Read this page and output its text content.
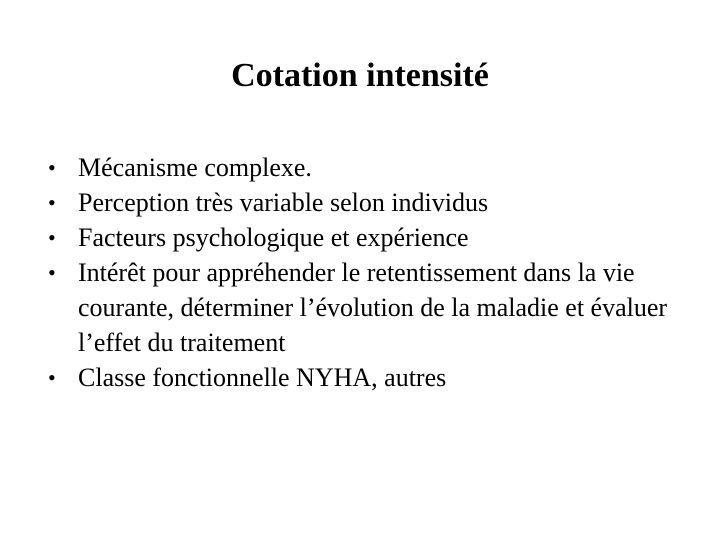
Cotation intensité
• Mécanisme complexe.
• Perception très variable selon individus
• Facteurs psychologique et expérience
• Intérêt pour appréhender le retentissement dans la vie courante, déterminer l’évolution de la maladie et évaluer l’effet du traitement
• Classe fonctionnelle NYHA, autres
